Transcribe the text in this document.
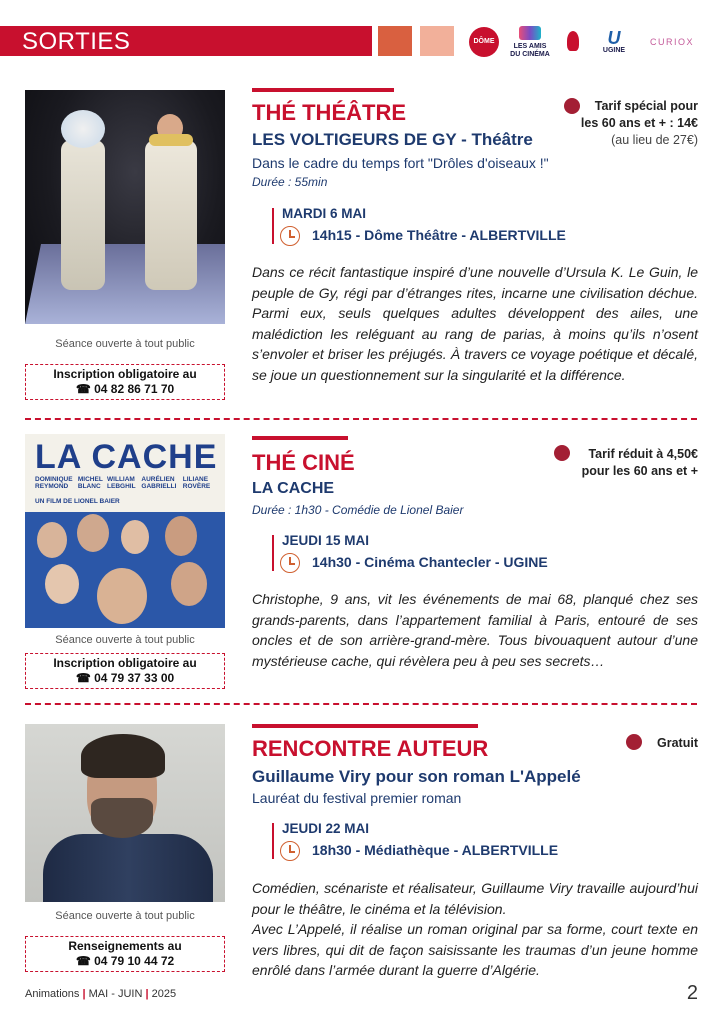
SORTIES	DÔME
LES AMIS DU CINÉMA
U
UGINE
CURIOX
Séance ouverte à tout public
Inscription obligatoire au
☎ 04 82 86 71 70
THÉ THÉÂTRE
LES VOLTIGEURS DE GY - Théâtre
Dans le cadre du temps fort "Drôles d'oiseaux !"
Durée : 55min
Tarif spécial pour
les 60 ans et + : 14€
(au lieu de 27€)
MARDI 6 MAI
14h15 - Dôme Théâtre - ALBERTVILLE
Dans ce récit fantastique inspiré d’une nouvelle d’Ursula K. Le Guin, le peuple de Gy, régi par d’étranges rites, incarne une civilisation déchue. Parmi eux, seuls quelques adultes développent des ailes, une malédiction les reléguant au rang de parias, à moins qu’ils n’osent s’envoler et briser les préjugés. À travers ce voyage poétique et décalé, se joue un questionnement sur la singularité et la différence.
LA CACHE
DOMINIQUE REYMOND
MICHEL BLANC
WILLIAM LEBGHIL
AURÉLIEN GABRIELLI
LILIANE ROVÈRE
UN FILM DE LIONEL BAIER
Séance ouverte à tout public
Inscription obligatoire au
☎ 04 79 37 33 00
THÉ CINÉ
LA CACHE
Durée : 1h30 - Comédie de Lionel Baier
Tarif réduit à 4,50€
pour les 60 ans et +
JEUDI 15 MAI
14h30 - Cinéma Chantecler - UGINE
Christophe, 9 ans, vit les événements de mai 68, planqué chez ses grands-parents, dans l’appartement familial à Paris, entouré de ses oncles et de son arrière-grand-mère. Tous bivouaquent autour d’une mystérieuse cache, qui révèlera peu à peu ses secrets…
Séance ouverte à tout public
Renseignements au
☎ 04 79 10 44 72
RENCONTRE AUTEUR
Guillaume Viry pour son roman L'Appelé
Lauréat du festival premier roman
Gratuit
JEUDI 22 MAI
18h30 - Médiathèque - ALBERTVILLE
Comédien, scénariste et réalisateur, Guillaume Viry travaille aujourd’hui pour le théâtre, le cinéma et la télévision.
Avec L’Appelé, il réalise un roman original par sa forme, court texte en vers libres, qui dit de façon saisissante les traumas d’un jeune homme enrôlé dans l’armée durant la guerre d’Algérie.
Animations | MAI - JUIN | 2025	2
